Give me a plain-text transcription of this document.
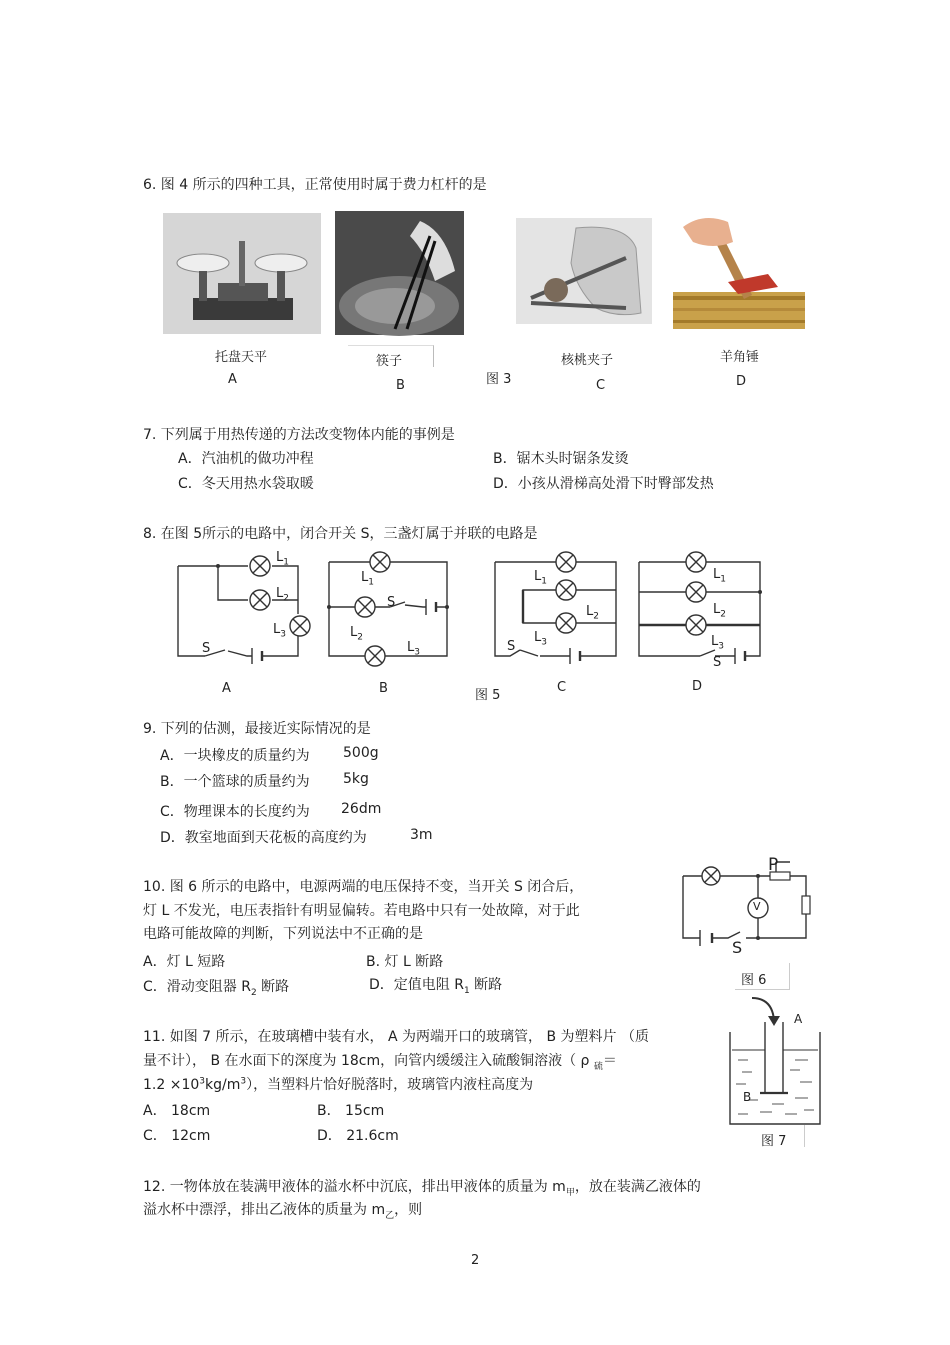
6. 图 4 所示的四种工具，正常使用时属于费力杠杆的是
托盘天平	筷子	核桃夹子	羊角锤
A	B	图 3	C	D
7. 下列属于用热传递的方法改变物体内能的事例是
A．汽油机的做功冲程	B．锯木头时锯条发烫
C．冬天用热水袋取暖	D．小孩从滑梯高处滑下时臀部发热
8. 在图 5所示的电路中，闭合开关 S，三盏灯属于并联的电路是
$L_1$
$L_2$
$L_3$
S
$L_1$
S
$L_2$
$L_3$
$L_1$
$L_2$
$L_3$
S
$L_1$
$L_2$
$L_3$
S
A	B	图 5
C	D
9. 下列的估测，最接近实际情况的是
A．一块橡皮的质量约为 500g
B．一个篮球的质量约为 5kg
C．物理课本的长度约为 26dm
D．教室地面到天花板的高度约为	3m
10. 图 6 所示的电路中，电源两端的电压保持不变，当开关 S 闭合后，
灯 L 不发光，电压表指针有明显偏转。若电路中只有一处故障，对于此
电路可能故障的判断，下列说法中不正确的是
A．灯 L 短路	B. 灯 L 断路
C．滑动变阻器 $R_2$ 断路	D．定值电阻 $R_1$ 断路
P
V
S
图 6
11. 如图 7 所示，在玻璃槽中装有水， A 为两端开口的玻璃管， B 为塑料片 （质
量不计）， B 在水面下的深度为 18cm，向管内缓缓注入硫酸铜溶液（ ρ $_硫$＝
$1.2 \times 10^3kg/m^3$），当塑料片恰好脱落时，玻璃管内液柱高度为
A． 18cm	B． 15cm
C． 12cm	D． 21.6cm
A
B
图 7
12. 一物体放在装满甲液体的溢水杯中沉底，排出甲液体的质量为 $m_甲$，放在装满乙液体的
溢水杯中漂浮，排出乙液体的质量为 $m_乙$，则
2
